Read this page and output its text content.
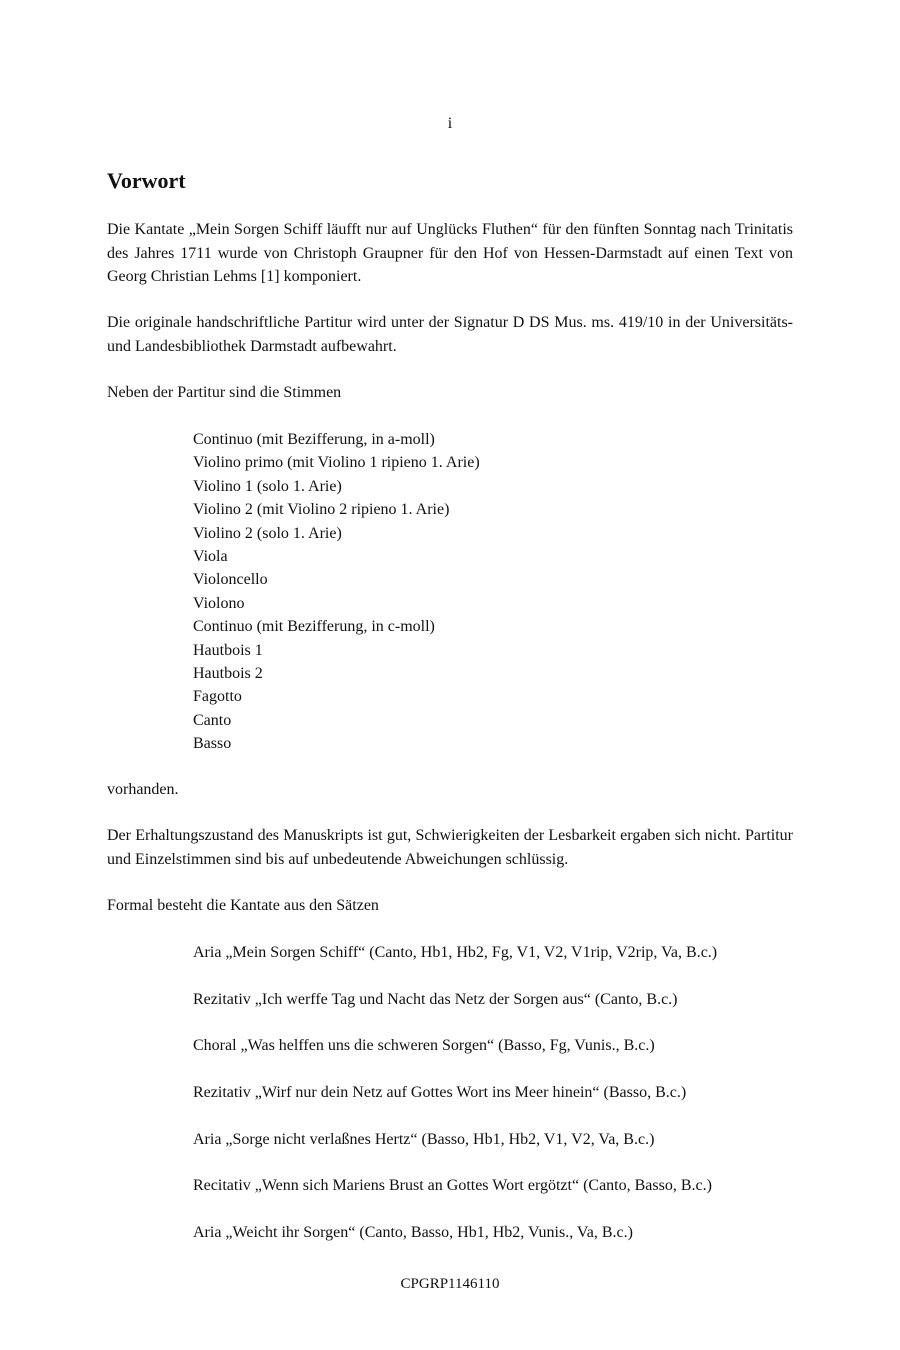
i
Vorwort

Die Kantate „Mein Sorgen Schiff läufft nur auf Unglücks Fluthen“ für den fünften Sonntag nach Trinitatis des Jahres 1711 wurde von Christoph Graupner für den Hof von Hessen-Darmstadt auf einen Text von Georg Christian Lehms [1] komponiert.

Die originale handschriftliche Partitur wird unter der Signatur D DS Mus. ms. 419/10 in der Universitäts- und Landesbibliothek Darmstadt aufbewahrt.

Neben der Partitur sind die Stimmen

Continuo (mit Bezifferung, in a-moll)
Violino primo (mit Violino 1 ripieno 1. Arie)
Violino 1 (solo 1. Arie)
Violino 2 (mit Violino 2 ripieno 1. Arie)
Violino 2 (solo 1. Arie)
Viola
Violoncello
Violono
Continuo (mit Bezifferung, in c-moll)
Hautbois 1
Hautbois 2
Fagotto
Canto
Basso

vorhanden.

Der Erhaltungszustand des Manuskripts ist gut, Schwierigkeiten der Lesbarkeit ergaben sich nicht. Partitur und Einzelstimmen sind bis auf unbedeutende Abweichungen schlüssig.

Formal besteht die Kantate aus den Sätzen

Aria „Mein Sorgen Schiff“ (Canto, Hb1, Hb2, Fg, V1, V2, V1rip, V2rip, Va, B.c.)
Rezitativ „Ich werffe Tag und Nacht das Netz der Sorgen aus“ (Canto, B.c.)
Choral „Was helffen uns die schweren Sorgen“ (Basso, Fg, Vunis., B.c.)
Rezitativ „Wirf nur dein Netz auf Gottes Wort ins Meer hinein“ (Basso, B.c.)
Aria „Sorge nicht verlaßnes Hertz“ (Basso, Hb1, Hb2, V1, V2, Va, B.c.)
Recitativ „Wenn sich Mariens Brust an Gottes Wort ergötzt“ (Canto, Basso, B.c.)
Aria „Weicht ihr Sorgen“ (Canto, Basso, Hb1, Hb2, Vunis., Va, B.c.)
CPGRP1146110
